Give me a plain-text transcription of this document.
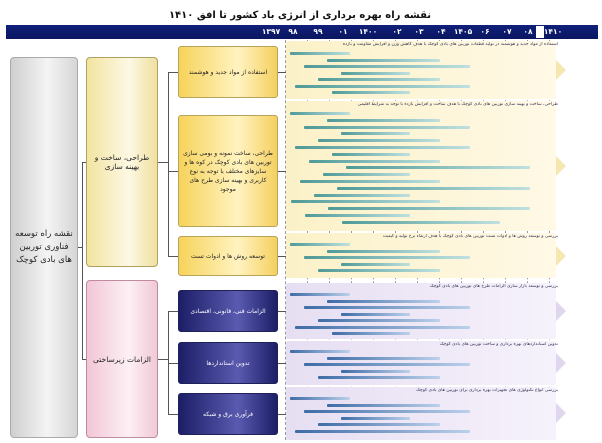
نقشه راه بهره برداری از انرژی باد کشور تا افق ۱۴۱۰
۱۴۱۰
۰۸
۰۷
۰۶
۱۴۰۵
۰۴
۰۳
۰۲
۱۴۰۰
۰۱
۹۹
۹۸
۱۳۹۷
نقشه راه توسعه فناوری توربین های بادی کوچک
طراحی، ساخت و بهینه سازی
الزامات زیرساختی
استفاده از مواد جدید و هوشمند
طراحی، ساخت نمونه و بومی سازی توربین های بادی کوچک در کوه ها و سایزهای مختلف با توجه به نوع کاربری و بهینه سازی طرح های موجود
توسعه روش ها و ادوات تست
الزامات فنی، قانونی، اقتصادی
تدوین استانداردها
فرآوری برق و شبکه
استفاده از مواد جدید و هوشمند در تولید قطعات توربین های بادی کوچک با هدف کاهش وزن و افزایش مقاومت و بازده
طراحی، ساخت و بهینه سازی توربین های بادی کوچک با هدف ساخت و افزایش بازده با توجه به شرایط اقلیمی
بررسی و توسعه روش ها و ادوات تست توربین های بادی کوچک با هدف ارتقاء نرخ تولید و کیفیت
بررسی و توسعه بازار سازی الزامات طرح های توربین های بادی کوچک
تدوین استانداردهای بهره برداری و ساخت توربین های بادی کوچک
بررسی انواع تکنولوژی های تجهیزات بهره برداری برای توربین های بادی کوچک
